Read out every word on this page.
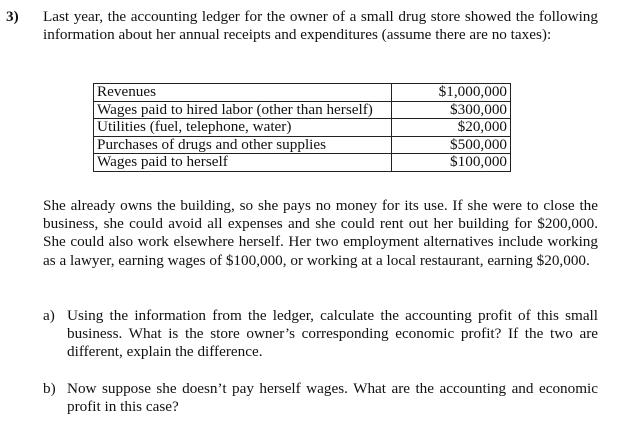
3) Last year, the accounting ledger for the owner of a small drug store showed the following information about her annual receipts and expenditures (assume there are no taxes):
Revenues	$1,000,000
Wages paid to hired labor (other than herself)	$300,000
Utilities (fuel, telephone, water)	$20,000
Purchases of drugs and other supplies	$500,000
Wages paid to herself	$100,000
She already owns the building, so she pays no money for its use. If she were to close the business, she could avoid all expenses and she could rent out her building for $200,000. She could also work elsewhere herself. Her two employment alternatives include working as a lawyer, earning wages of $100,000, or working at a local restaurant, earning $20,000.
a) Using the information from the ledger, calculate the accounting profit of this small business. What is the store owner’s corresponding economic profit? If the two are different, explain the difference.
b) Now suppose she doesn’t pay herself wages. What are the accounting and economic profit in this case?
